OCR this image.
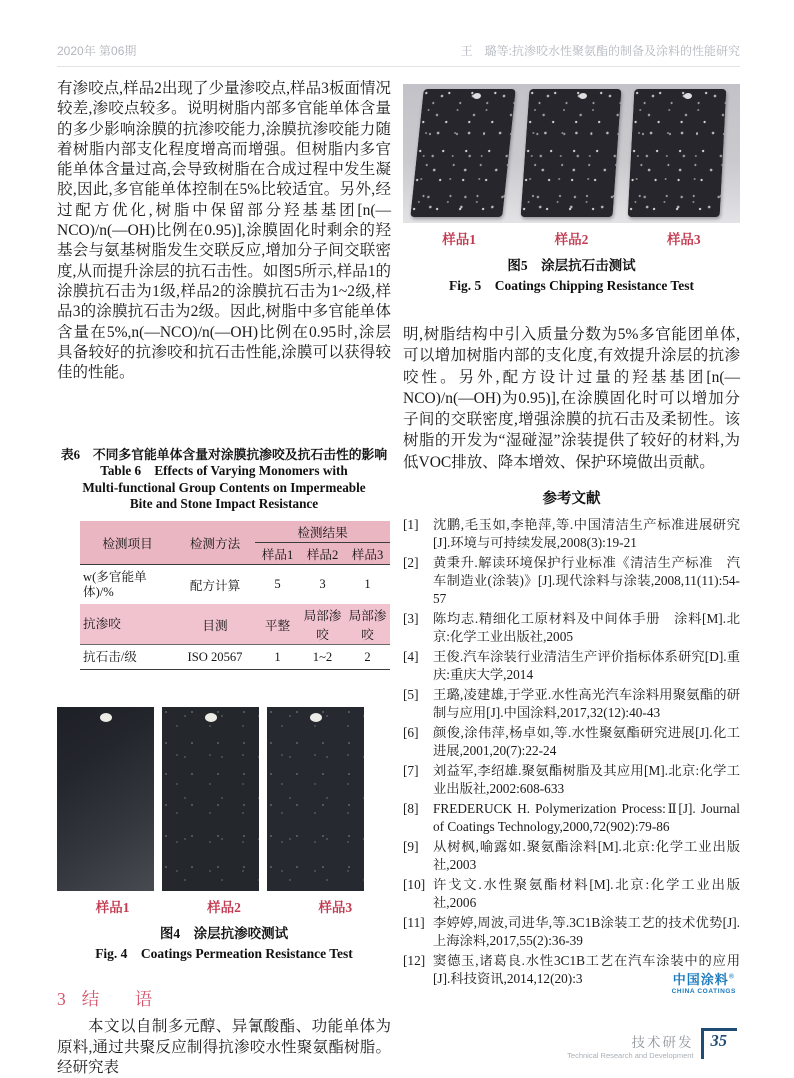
2020年 第06期	王　璐等:抗渗咬水性聚氨酯的制备及涂料的性能研究
有渗咬点,样品2出现了少量渗咬点,样品3板面情况较差,渗咬点较多。说明树脂内部多官能单体含量的多少影响涂膜的抗渗咬能力,涂膜抗渗咬能力随着树脂内部支化程度增高而增强。但树脂内多官能单体含量过高,会导致树脂在合成过程中发生凝胶,因此,多官能单体控制在5%比较适宜。另外,经过配方优化,树脂中保留部分羟基基团[n(—NCO)/n(—OH)比例在0.95)],涂膜固化时剩余的羟基会与氨基树脂发生交联反应,增加分子间交联密度,从而提升涂层的抗石击性。如图5所示,样品1的涂膜抗石击为1级,样品2的涂膜抗石击为1~2级,样品3的涂膜抗石击为2级。因此,树脂中多官能单体含量在5%,n(—NCO)/n(—OH)比例在0.95时,涂层具备较好的抗渗咬和抗石击性能,涂膜可以获得较佳的性能。
表6　不同多官能单体含量对涂膜抗渗咬及抗石击性的影响
Table 6　Effects of Varying Monomers with
Multi-functional Group Contents on Impermeable
Bite and Stone Impact Resistance
检测项目	检测方法	检测结果		
		样品1	样品2	样品3
w(多官能单体)/%	配方计算	5	3	1
抗渗咬	目测	平整	局部渗咬	局部渗咬
抗石击/级	ISO 20567	1	1~2	2
样品1	样品2	样品3
图4　涂层抗渗咬测试
Fig. 4　Coatings Permeation Resistance Test
3 结　语
本文以自制多元醇、异氰酸酯、功能单体为原料,通过共聚反应制得抗渗咬水性聚氨酯树脂。经研究表
样品1	样品2	样品3
图5　涂层抗石击测试
Fig. 5　Coatings Chipping Resistance Test
明,树脂结构中引入质量分数为5%多官能团单体,可以增加树脂内部的支化度,有效提升涂层的抗渗咬性。另外,配方设计过量的羟基基团[n(—NCO)/n(—OH)为0.95)],在涂膜固化时可以增加分子间的交联密度,增强涂膜的抗石击及柔韧性。该树脂的开发为“湿碰湿”涂装提供了较好的材料,为低VOC排放、降本增效、保护环境做出贡献。
参考文献
[1] 沈鹏,毛玉如,李艳萍,等.中国清洁生产标准进展研究[J].环境与可持续发展,2008(3):19-21
[2] 黄秉升.解读环境保护行业标准《清洁生产标准　汽车制造业(涂装)》[J].现代涂料与涂装,2008,11(11):54-57
[3] 陈均志.精细化工原材料及中间体手册　涂料[M].北京:化学工业出版社,2005
[4] 王俊.汽车涂装行业清洁生产评价指标体系研究[D].重庆:重庆大学,2014
[5] 王璐,凌建雄,于学亚.水性高光汽车涂料用聚氨酯的研制与应用[J].中国涂料,2017,32(12):40-43
[6] 颜俊,涂伟萍,杨卓如,等.水性聚氨酯研究进展[J].化工进展,2001,20(7):22-24
[7] 刘益军,李绍雄.聚氨酯树脂及其应用[M].北京:化学工业出版社,2002:608-633
[8] FREDERUCK H. Polymerization Process:Ⅱ[J]. Journal of Coatings Technology,2000,72(902):79-86
[9] 从树枫,喻露如.聚氨酯涂料[M].北京:化学工业出版社,2003
[10] 许戈文.水性聚氨酯材料[M].北京:化学工业出版社,2006
[11] 李婷婷,周波,司进华,等.3C1B涂装工艺的技术优势[J].上海涂料,2017,55(2):36-39
[12] 窦德玉,诸葛良.水性3C1B工艺在汽车涂装中的应用[J].科技资讯,2014,12(20):3	中国涂料®
CHINA COATINGS
技术研发
Technical Research and Development
35
